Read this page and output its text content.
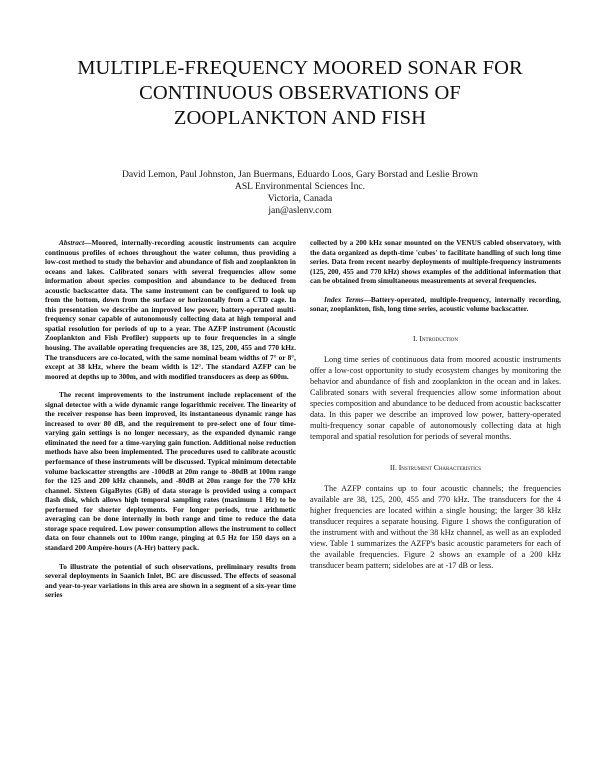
MULTIPLE-FREQUENCY MOORED SONAR FOR
CONTINUOUS OBSERVATIONS OF
ZOOPLANKTON AND FISH
David Lemon, Paul Johnston, Jan Buermans, Eduardo Loos, Gary Borstad and Leslie Brown
ASL Environmental Sciences Inc.
Victoria, Canada
jan@aslenv.com

Abstract—Moored, internally-recording acoustic instruments can acquire continuous profiles of echoes throughout the water column, thus providing a low-cost method to study the behavior and abundance of fish and zooplankton in oceans and lakes. Calibrated sonars with several frequencies allow some information about species composition and abundance to be deduced from acoustic backscatter data. The same instrument can be configured to look up from the bottom, down from the surface or horizontally from a CTD cage. In this presentation we describe an improved low power, battery-operated multi-frequency sonar capable of autonomously collecting data at high temporal and spatial resolution for periods of up to a year. The AZFP instrument (Acoustic Zooplankton and Fish Profiler) supports up to four frequencies in a single housing. The available operating frequencies are 38, 125, 200, 455 and 770 kHz. The transducers are co-located, with the same nominal beam widths of 7° or 8°, except at 38 kHz, where the beam width is 12°. The standard AZFP can be moored at depths up to 300m, and with modified transducers as deep as 600m.

The recent improvements to the instrument include replacement of the signal detector with a wide dynamic range logarithmic receiver. The linearity of the receiver response has been improved, its instantaneous dynamic range has increased to over 80 dB, and the requirement to pre-select one of four time-varying gain settings is no longer necessary, as the expanded dynamic range eliminated the need for a time-varying gain function. Additional noise reduction methods have also been implemented. The procedures used to calibrate acoustic performance of these instruments will be discussed. Typical minimum detectable volume backscatter strengths are -100dB at 20m range to -80dB at 100m range for the 125 and 200 kHz channels, and -80dB at 20m range for the 770 kHz channel. Sixteen GigaBytes (GB) of data storage is provided using a compact flash disk, which allows high temporal sampling rates (maximum 1 Hz) to be performed for shorter deployments. For longer periods, true arithmetic averaging can be done internally in both range and time to reduce the data storage space required. Low power consumption allows the instrument to collect data on four channels out to 100m range, pinging at 0.5 Hz for 150 days on a standard 200 Ampère-hours (A-Hr) battery pack.

To illustrate the potential of such observations, preliminary results from several deployments in Saanich Inlet, BC are discussed. The effects of seasonal and year-to-year variations in this area are shown in a segment of a six-year time series

collected by a 200 kHz sonar mounted on the VENUS cabled observatory, with the data organized as depth-time 'cubes' to facilitate handling of such long time series. Data from recent nearby deployments of multiple-frequency instruments (125, 200, 455 and 770 kHz) shows examples of the additional information that can be obtained from simultaneous measurements at several frequencies.

Index Terms—Battery-operated, multiple-frequency, internally recording, sonar, zooplankton, fish, long time series, acoustic volume backscatter.

I. Introduction

Long time series of continuous data from moored acoustic instruments offer a low-cost opportunity to study ecosystem changes by monitoring the behavior and abundance of fish and zooplankton in the ocean and in lakes. Calibrated sonars with several frequencies allow some information about species composition and abundance to be deduced from acoustic backscatter data. In this paper we describe an improved low power, battery-operated multi-frequency sonar capable of autonomously collecting data at high temporal and spatial resolution for periods of several months.

II. Instrument Characteristics

The AZFP contains up to four acoustic channels; the frequencies available are 38, 125, 200, 455 and 770 kHz. The transducers for the 4 higher frequencies are located within a single housing; the larger 38 kHz transducer requires a separate housing. Figure 1 shows the configuration of the instrument with and without the 38 kHz channel, as well as an exploded view. Table 1 summarizes the AZFP's basic acoustic parameters for each of the available frequencies. Figure 2 shows an example of a 200 kHz transducer beam pattern; sidelobes are at -17 dB or less.
